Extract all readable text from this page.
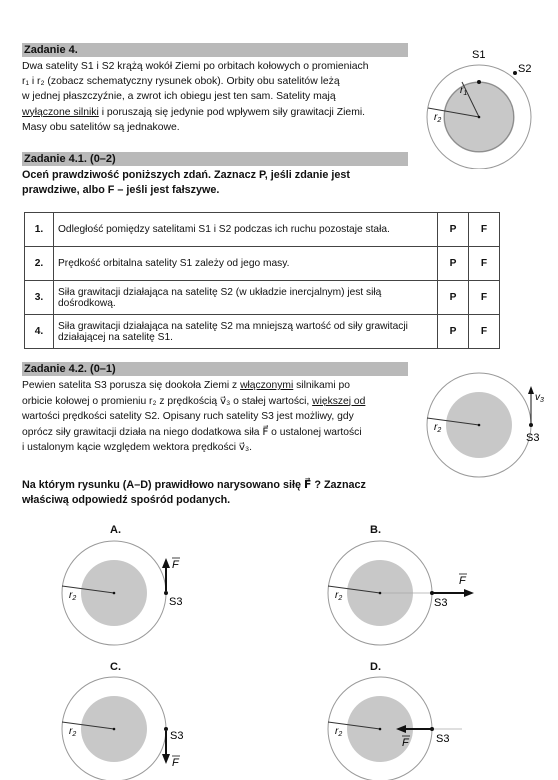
Zadanie 4.

Dwa satelity S1 i S2 krążą wokół Ziemi po orbitach kołowych o promieniach

r₁ i r₂ (zobacz schematyczny rysunek obok). Orbity obu satelitów leżą

w jednej płaszczyźnie, a zwrot ich obiegu jest ten sam. Satelity mają

wyłączone silniki i poruszają się jedynie pod wpływem siły grawitacji Ziemi.

Masy obu satelitów są jednakowe.

S1
S2
$r_1$
$r_2$
Zadanie 4.1. (0–2)

Oceń prawdziwość poniższych zdań. Zaznacz P, jeśli zdanie jest

prawdziwe, albo F – jeśli jest fałszywe.

1.	Odległość pomiędzy satelitami S1 i S2 podczas ich ruchu pozostaje stała.	P	F
2.	Prędkość orbitalna satelity S1 zależy od jego masy.	P	F
3.	Siła grawitacji działająca na satelitę S2 (w układzie inercjalnym) jest siłą dośrodkową.	P	F
4.	Siła grawitacji działająca na satelitę S2 ma mniejszą wartość od siły grawitacji działającej na satelitę S1.	P	F
Zadanie 4.2. (0–1)

Pewien satelita S3 porusza się dookoła Ziemi z włączonymi silnikami po

orbicie kołowej o promieniu r₂ z prędkością v⃗₃ o stałej wartości, większej od

wartości prędkości satelity S2. Opisany ruch satelity S3 jest możliwy, gdy

oprócz siły grawitacji działa na niego dodatkowa siła F⃗ o ustalonej wartości

i ustalonym kącie względem wektora prędkości v⃗₃.

$v_3$
S3
$r_2$

Na którym rysunku (A–D) prawidłowo narysowano siłę F⃗ ? Zaznacz

właściwą odpowiedź spośród podanych.

A.	B.
C.	D.
F
S3
$r_2$
F
S3
$r_2$
F
S3
$r_2$
F S3
$r_2$
